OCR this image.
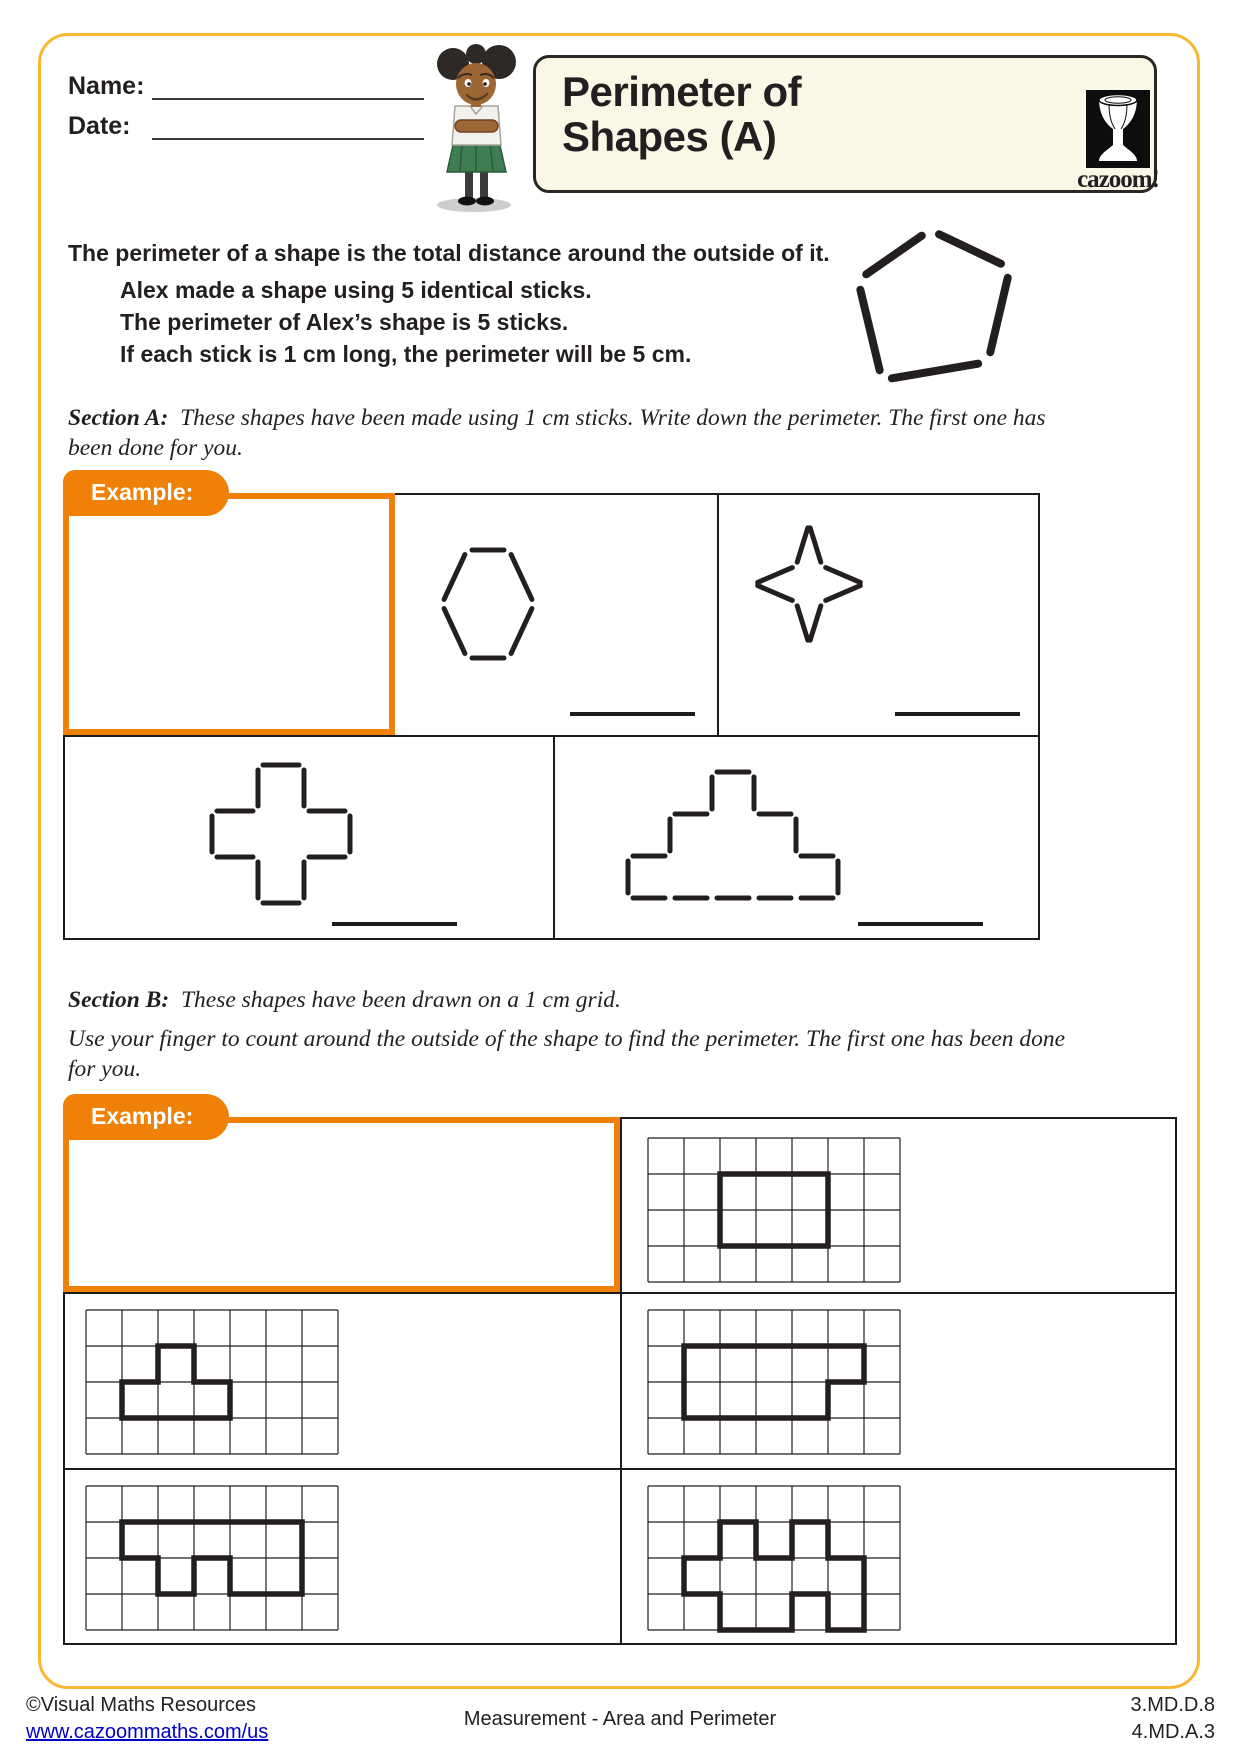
Name:
Date:
Perimeter of
Shapes (A)
cazoom!
The perimeter of a shape is the total distance around the outside of it.
Alex made a shape using 5 identical sticks.
The perimeter of Alex’s shape is 5 sticks.
If each stick is 1 cm long, the perimeter will be 5 cm.
Section A: These shapes have been made using 1 cm sticks. Write down the perimeter. The first one has been done for you.
Example:
Section B: These shapes have been drawn on a 1 cm grid.
Use your finger to count around the outside of the shape to find the perimeter. The first one has been done for you.
Example:
©Visual Maths Resources
www.cazoommaths.com/us
Measurement - Area and Perimeter
3.MD.D.8
4.MD.A.3
